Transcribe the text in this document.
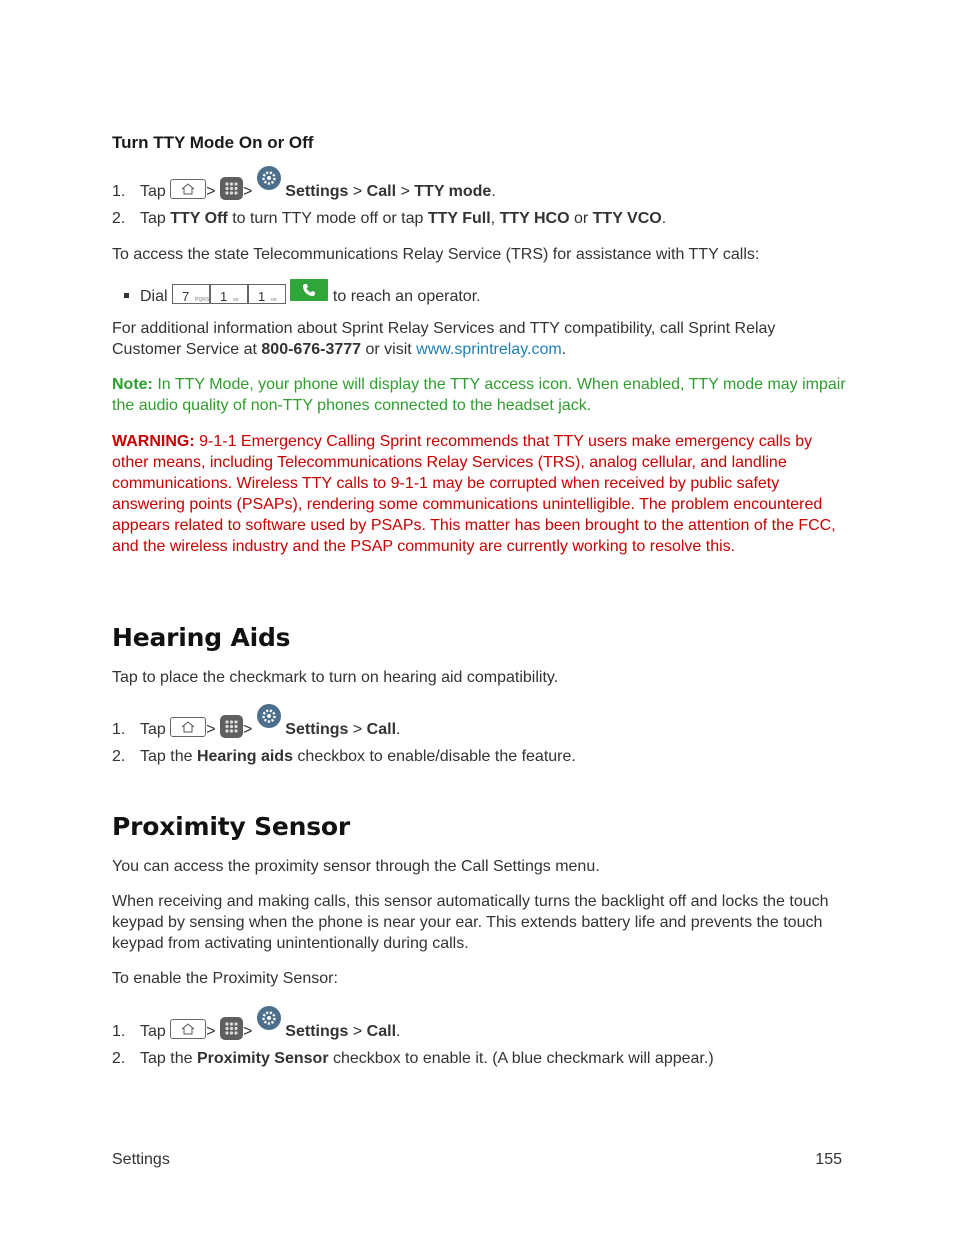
Turn TTY Mode On or Off
1. Tap	> > Settings > Call > TTY mode.
2. Tap TTY Off to turn TTY mode off or tap TTY Full, TTY HCO or TTY VCO.
To access the state Telecommunications Relay Service (TRS) for assistance with TTY calls:
Dial 7 PQRS 1 oo 1 oo
	to reach an operator.
For additional information about Sprint Relay Services and TTY compatibility, call Sprint Relay Customer Service at 800-676-3777 or visit www.sprintrelay.com.
Note: In TTY Mode, your phone will display the TTY access icon. When enabled, TTY mode may impair the audio quality of non-TTY phones connected to the headset jack.
WARNING: 9-1-1 Emergency Calling Sprint recommends that TTY users make emergency calls by other means, including Telecommunications Relay Services (TRS), analog cellular, and landline communications. Wireless TTY calls to 9-1-1 may be corrupted when received by public safety answering points (PSAPs), rendering some communications unintelligible. The problem encountered appears related to software used by PSAPs. This matter has been brought to the attention of the FCC, and the wireless industry and the PSAP community are currently working to resolve this.
Hearing Aids
Tap to place the checkmark to turn on hearing aid compatibility.
1. Tap	> > Settings > Call.
2. Tap the Hearing aids checkbox to enable/disable the feature.
Proximity Sensor
You can access the proximity sensor through the Call Settings menu.
When receiving and making calls, this sensor automatically turns the backlight off and locks the touch keypad by sensing when the phone is near your ear. This extends battery life and prevents the touch keypad from activating unintentionally during calls.
To enable the Proximity Sensor:
1. Tap	> > Settings > Call.
2. Tap the Proximity Sensor checkbox to enable it. (A blue checkmark will appear.)
Settings	155
